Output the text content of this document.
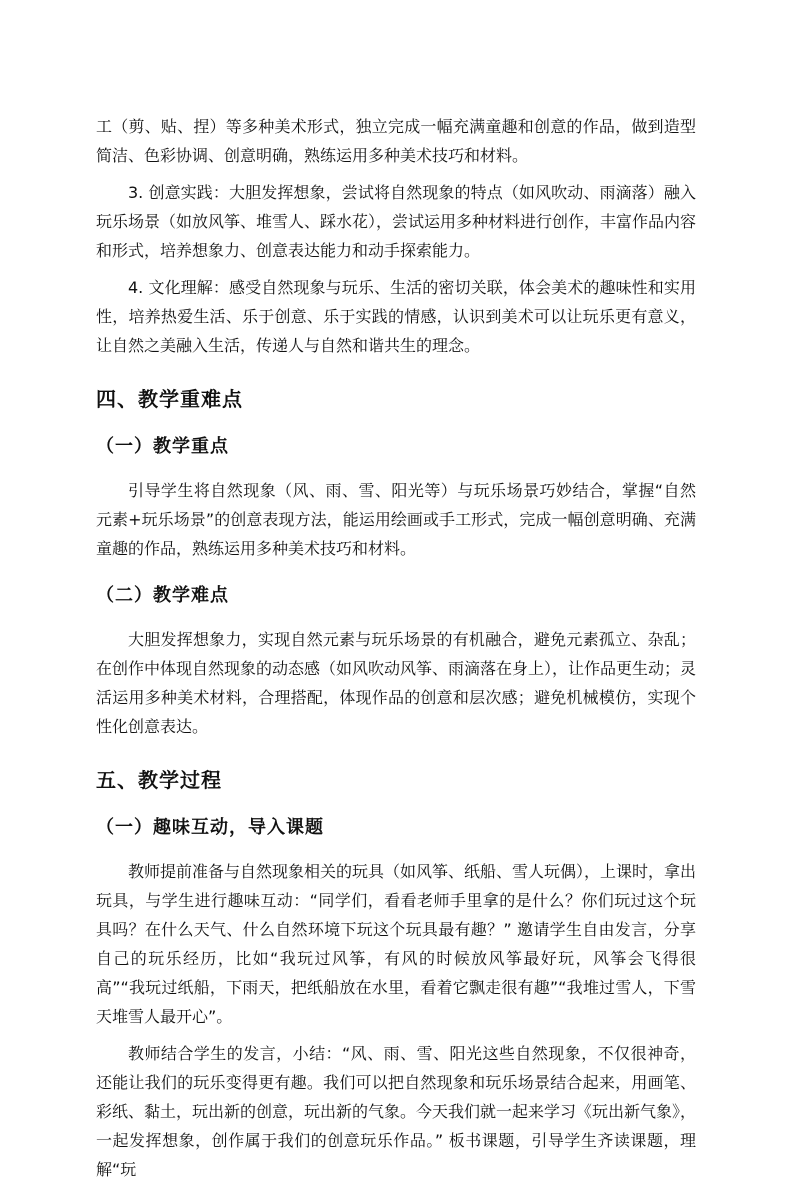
工（剪、贴、捏）等多种美术形式，独立完成一幅充满童趣和创意的作品，做到造型简洁、色彩协调、创意明确，熟练运用多种美术技巧和材料。

3. 创意实践：大胆发挥想象，尝试将自然现象的特点（如风吹动、雨滴落）融入玩乐场景（如放风筝、堆雪人、踩水花），尝试运用多种材料进行创作，丰富作品内容和形式，培养想象力、创意表达能力和动手探索能力。

4. 文化理解：感受自然现象与玩乐、生活的密切关联，体会美术的趣味性和实用性，培养热爱生活、乐于创意、乐于实践的情感，认识到美术可以让玩乐更有意义，让自然之美融入生活，传递人与自然和谐共生的理念。

四、教学重难点
（一）教学重点

引导学生将自然现象（风、雨、雪、阳光等）与玩乐场景巧妙结合，掌握“自然元素+玩乐场景”的创意表现方法，能运用绘画或手工形式，完成一幅创意明确、充满童趣的作品，熟练运用多种美术技巧和材料。

（二）教学难点

大胆发挥想象力，实现自然元素与玩乐场景的有机融合，避免元素孤立、杂乱；在创作中体现自然现象的动态感（如风吹动风筝、雨滴落在身上），让作品更生动；灵活运用多种美术材料，合理搭配，体现作品的创意和层次感；避免机械模仿，实现个性化创意表达。

五、教学过程
（一）趣味互动，导入课题

教师提前准备与自然现象相关的玩具（如风筝、纸船、雪人玩偶），上课时，拿出玩具，与学生进行趣味互动：“同学们，看看老师手里拿的是什么？你们玩过这个玩具吗？在什么天气、什么自然环境下玩这个玩具最有趣？” 邀请学生自由发言，分享自己的玩乐经历，比如“我玩过风筝，有风的时候放风筝最好玩，风筝会飞得很高”“我玩过纸船，下雨天，把纸船放在水里，看着它飘走很有趣”“我堆过雪人，下雪天堆雪人最开心”。

教师结合学生的发言，小结：“风、雨、雪、阳光这些自然现象，不仅很神奇，还能让我们的玩乐变得更有趣。我们可以把自然现象和玩乐场景结合起来，用画笔、彩纸、黏土，玩出新的创意，玩出新的气象。今天我们就一起来学习《玩出新气象》，一起发挥想象，创作属于我们的创意玩乐作品。” 板书课题，引导学生齐读课题，理解“玩
